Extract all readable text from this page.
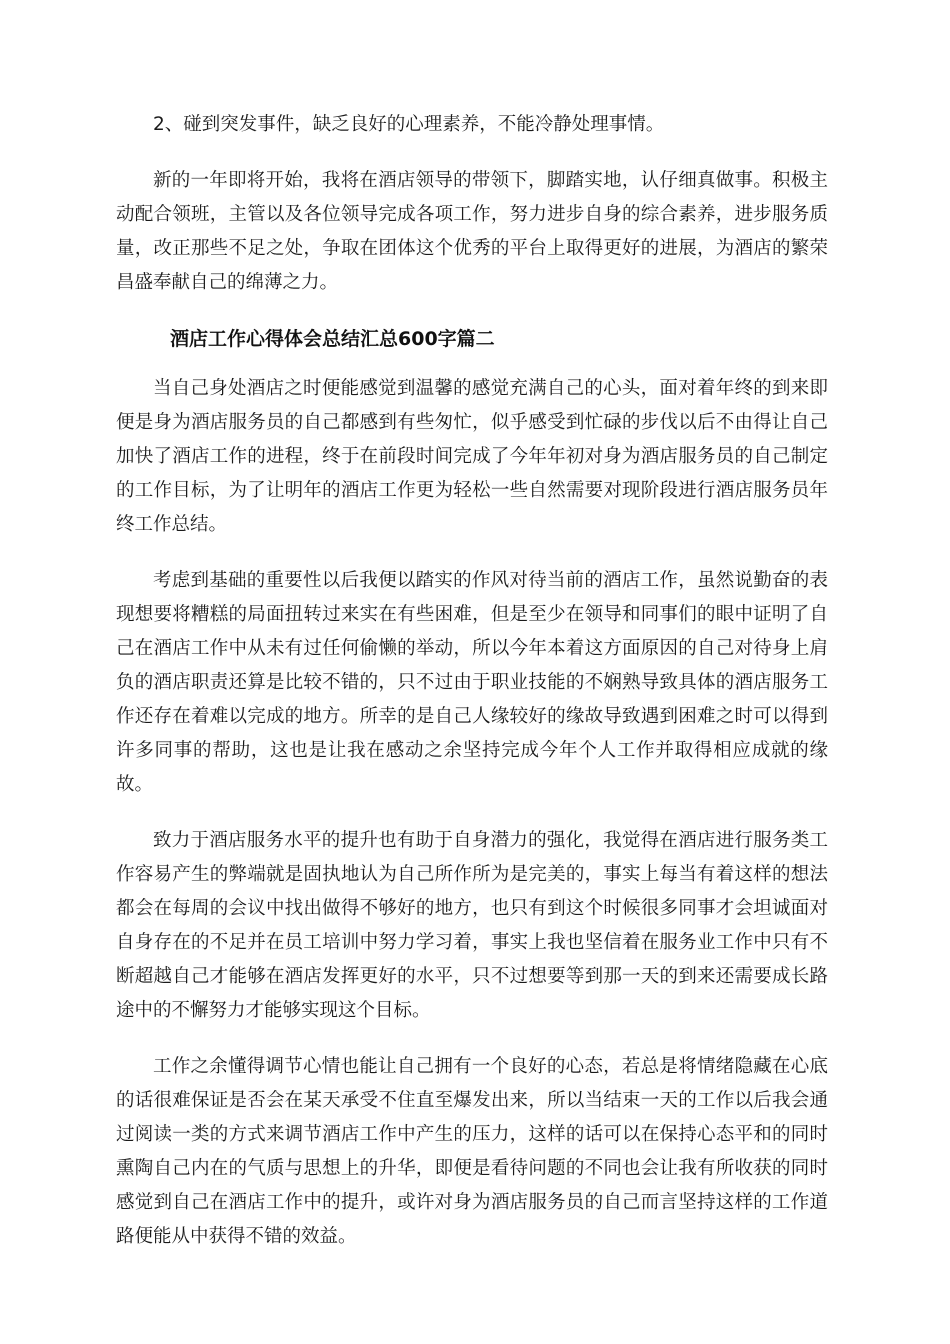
2、碰到突发事件，缺乏良好的心理素养，不能冷静处理事情。

新的一年即将开始，我将在酒店领导的带领下，脚踏实地，认仔细真做事。积极主动配合领班，主管以及各位领导完成各项工作，努力进步自身的综合素养，进步服务质量，改正那些不足之处，争取在团体这个优秀的平台上取得更好的进展，为酒店的繁荣昌盛奉献自己的绵薄之力。

酒店工作心得体会总结汇总600字篇二

当自己身处酒店之时便能感觉到温馨的感觉充满自己的心头，面对着年终的到来即便是身为酒店服务员的自己都感到有些匆忙，似乎感受到忙碌的步伐以后不由得让自己加快了酒店工作的进程，终于在前段时间完成了今年年初对身为酒店服务员的自己制定的工作目标，为了让明年的酒店工作更为轻松一些自然需要对现阶段进行酒店服务员年终工作总结。

考虑到基础的重要性以后我便以踏实的作风对待当前的酒店工作，虽然说勤奋的表现想要将糟糕的局面扭转过来实在有些困难，但是至少在领导和同事们的眼中证明了自己在酒店工作中从未有过任何偷懒的举动，所以今年本着这方面原因的自己对待身上肩负的酒店职责还算是比较不错的，只不过由于职业技能的不娴熟导致具体的酒店服务工作还存在着难以完成的地方。所幸的是自己人缘较好的缘故导致遇到困难之时可以得到许多同事的帮助，这也是让我在感动之余坚持完成今年个人工作并取得相应成就的缘故。

致力于酒店服务水平的提升也有助于自身潜力的强化，我觉得在酒店进行服务类工作容易产生的弊端就是固执地认为自己所作所为是完美的，事实上每当有着这样的想法都会在每周的会议中找出做得不够好的地方，也只有到这个时候很多同事才会坦诚面对自身存在的不足并在员工培训中努力学习着，事实上我也坚信着在服务业工作中只有不断超越自己才能够在酒店发挥更好的水平，只不过想要等到那一天的到来还需要成长路途中的不懈努力才能够实现这个目标。

工作之余懂得调节心情也能让自己拥有一个良好的心态，若总是将情绪隐藏在心底的话很难保证是否会在某天承受不住直至爆发出来，所以当结束一天的工作以后我会通过阅读一类的方式来调节酒店工作中产生的压力，这样的话可以在保持心态平和的同时熏陶自己内在的气质与思想上的升华，即便是看待问题的不同也会让我有所收获的同时感觉到自己在酒店工作中的提升，或许对身为酒店服务员的自己而言坚持这样的工作道路便能从中获得不错的效益。
